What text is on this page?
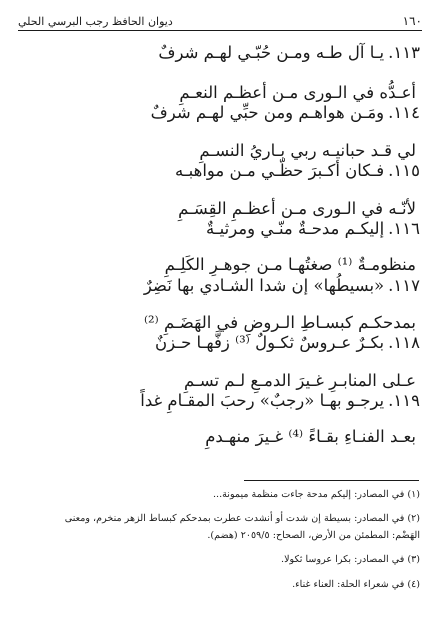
١٦٠
ديوان الحافظ رجب البرسي الحلي
١١٣.يـا آل طـه ومـن حُبّـي لهـم شرفٌ
أعـدُّه في الـورى مـن أعظـم النعـمِ
١١٤.ومَـن هواهـم ومن حبِّي لهـم شرفٌ
لي قـد حبانيـه ربي بـاريُ النسـمِ
١١٥.فـكان أكـبرَ حظّـي مـن مواهبـه
لأنّـه في الـورى مـن أعظـمِ القِسَـمِ
١١٦.إليكـم مدحـةٌ منّـي ومرثيـةٌ
منظومـةٌ ⁽¹⁾ صغتُهـا مـن جوهـرِ الكَلِـمِ
١١٧.«بسيطُها» إن شدا الشـادي بها نَضِرٌ
بمدحكـم كبسـاطِ الـروضِ في الهَضَـمِ ⁽²⁾
١١٨.بكـرٌ عـروسٌ ثكـولٌ ⁽³⁾ زفَّهـا حـزنٌ
عـلى المنابـرِ غـيرَ الدمـعِ لـم تسـمِ
١١٩.يرجـو بهـا «رجبٌ» رحبَ المقـامِ غداً
بعـد الفنـاءِ بقـاءً ⁽⁴⁾ غـيرَ منهـدمِ
(١) في المصادر: إليكم مدحة جاءت منظمة ميمونة...
(٢) في المصادر: بسيطة إن شدت أو أنشدت عطرت بمدحكم كبساط الزهر منخرم، ومعنى
الهَضْم: المطمئن من الأرض، الصحاح: ٢٠٥٩/٥ (هضم).
(٣) في المصادر: بكرا عروسا ثكولا.
(٤) في شعراء الحلة: العناء غناء.
